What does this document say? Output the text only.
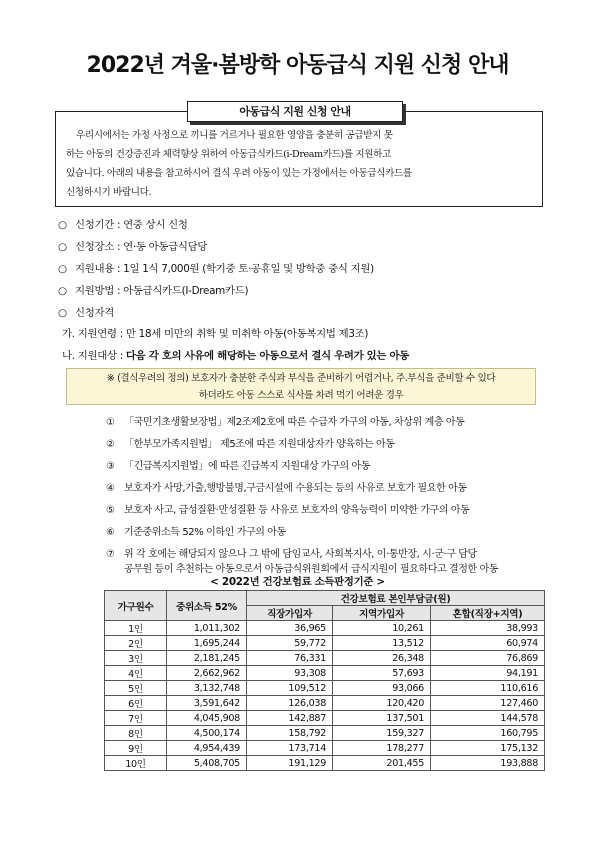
2022년 겨울·봄방학 아동급식 지원 신청 안내
아동급식 지원 신청 안내
우리시에서는 가정 사정으로 끼니를 거르거나 필요한 영양을 충분히 공급받지 못
하는 아동의 건강증진과 체력향상 위하여 아동급식카드(i-Dream카드)를 지원하고
있습니다. 아래의 내용을 참고하시어 결식 우려 아동이 있는 가정에서는 아동급식카드를
신청하시기 바랍니다.
○ 신청기간 : 연중 상시 신청
○ 신청장소 : 연·동 아동급식담당
○ 지원내용 : 1일 1식 7,000원 (학기중 토·공휴일 및 방학중 중식 지원)
○ 지원방법 : 아동급식카드(I-Dream카드)
○ 신청자격
가. 지원연령 : 만 18세 미만의 취학 및 미취학 아동(아동복지법 제3조)
나. 지원대상 : 다음 각 호의 사유에 해당하는 아동으로서 결식 우려가 있는 아동
※ (결식우려의 정의) 보호자가 충분한 주식과 부식을 준비하기 어렵거나, 주.부식을 준비할 수 있다
하더라도 아동 스스로 식사를 차려 먹기 어려운 경우
① 「국민기초생활보장법」제2조제2호에 따른 수급자 가구의 아동, 차상위 계층 아동
② 「한부모가족지원법」 제5조에 따른 지원대상자가 양육하는 아동
③ 「긴급복지지원법」에 따른 긴급복지 지원대상 가구의 아동
④ 보호자가 사망,가출,행방불명,구금시설에 수용되는 등의 사유로 보호가 필요한 아동
⑤ 보호자 사고, 급성질환·만성질환 등 사유로 보호자의 양육능력이 미약한 가구의 아동
⑥ 기준중위소득 52% 이하인 가구의 아동
⑦ 위 각 호에는 해당되지 않으나 그 밖에 담임교사, 사회복지사, 이·통반장, 시·군·구 담당
공무원 등이 추천하는 아동으로서 아동급식위원회에서 급식지원이 필요하다고 결정한 아동
< 2022년 건강보험료 소득판정기준 >
가구원수	중위소득 52%	건강보험료 본인부담금(원)		
		직장가입자	지역가입자	혼합(직장+지역)
1인	1,011,302	36,965	10,261	38,993
2인	1,695,244	59,772	13,512	60,974
3인	2,181,245	76,331	26,348	76,869
4인	2,662,962	93,308	57,693	94,191
5인	3,132,748	109,512	93,066	110,616
6인	3,591,642	126,038	120,420	127,460
7인	4,045,908	142,887	137,501	144,578
8인	4,500,174	158,792	159,327	160,795
9인	4,954,439	173,714	178,277	175,132
10인	5,408,705	191,129	201,455	193,888
